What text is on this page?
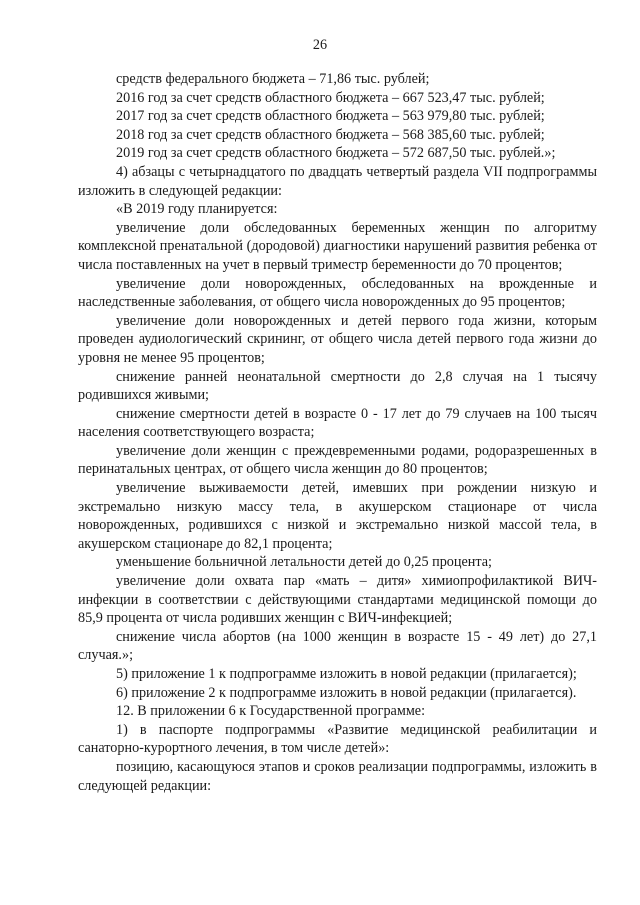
26

средств федерального бюджета – 71,86 тыс. рублей;

2016 год за счет средств областного бюджета – 667 523,47 тыс. рублей;

2017 год за счет средств областного бюджета – 563 979,80 тыс. рублей;

2018 год за счет средств областного бюджета – 568 385,60 тыс. рублей;

2019 год за счет средств областного бюджета – 572 687,50 тыс. рублей.»;

4) абзацы с четырнадцатого по двадцать четвертый раздела VII подпрограммы изложить в следующей редакции:

«В 2019 году планируется:

увеличение доли обследованных беременных женщин по алгоритму комплексной пренатальной (дородовой) диагностики нарушений развития ребенка от числа поставленных на учет в первый триместр беременности до 70 процентов;

увеличение доли новорожденных, обследованных на врожденные и наследственные заболевания, от общего числа новорожденных до 95 процентов;

увеличение доли новорожденных и детей первого года жизни, которым проведен аудиологический скрининг, от общего числа детей первого года жизни до уровня не менее 95 процентов;

снижение ранней неонатальной смертности до 2,8 случая на 1 тысячу родившихся живыми;

снижение смертности детей в возрасте 0 - 17 лет до 79 случаев на 100 тысяч населения соответствующего возраста;

увеличение доли женщин с преждевременными родами, родоразрешенных в перинатальных центрах, от общего числа женщин до 80 процентов;

увеличение выживаемости детей, имевших при рождении низкую и экстремально низкую массу тела, в акушерском стационаре от числа новорожденных, родившихся с низкой и экстремально низкой массой тела, в акушерском стационаре до 82,1 процента;

уменьшение больничной летальности детей до 0,25 процента;

увеличение доли охвата пар «мать – дитя» химиопрофилактикой ВИЧ-инфекции в соответствии с действующими стандартами медицинской помощи до 85,9 процента от числа родивших женщин с ВИЧ-инфекцией;

снижение числа абортов (на 1000 женщин в возрасте 15 - 49 лет) до 27,1 случая.»;

5) приложение 1 к подпрограмме изложить в новой редакции (прилагается);

6) приложение 2 к подпрограмме изложить в новой редакции (прилагается).

12. В приложении 6 к Государственной программе:

1) в паспорте подпрограммы «Развитие медицинской реабилитации и санаторно-курортного лечения, в том числе детей»:

позицию, касающуюся этапов и сроков реализации подпрограммы, изложить в следующей редакции:
